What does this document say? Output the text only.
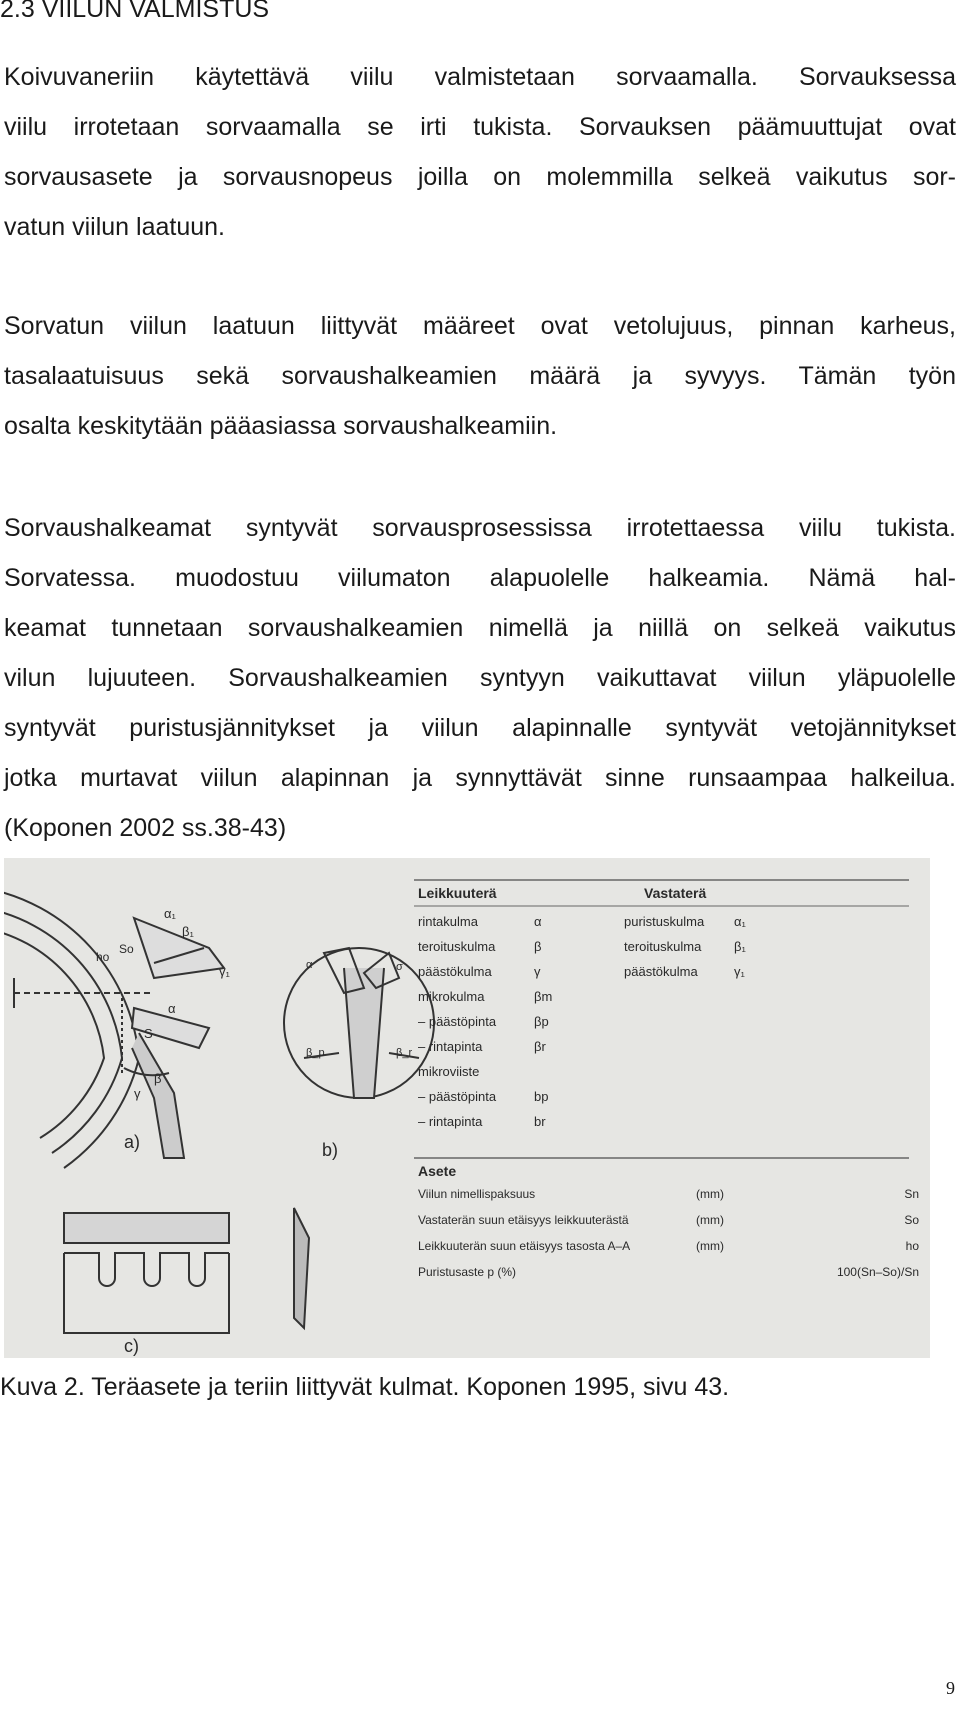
2.3 VIILUN VALMISTUS
Koivuvaneriin käytettävä viilu valmistetaan sorvaamalla. Sorvauksessa
viilu irrotetaan sorvaamalla se irti tukista. Sorvauksen päämuuttujat ovat
sorvausasete ja sorvausnopeus joilla on molemmilla selkeä vaikutus sor-
vatun viilun laatuun.
Sorvatun viilun laatuun liittyvät määreet ovat vetolujuus, pinnan karheus,
tasalaatuisuus sekä sorvaushalkeamien määrä ja syvyys. Tämän työn
osalta keskitytään pääasiassa sorvaushalkeamiin.
Sorvaushalkeamat syntyvät sorvausprosessissa irrotettaessa viilu tukista.
Sorvatessa. muodostuu viilumaton alapuolelle halkeamia. Nämä hal-
keamat tunnetaan sorvaushalkeamien nimellä ja niillä on selkeä vaikutus
vilun lujuuteen. Sorvaushalkeamien syntyyn vaikuttavat viilun yläpuolelle
syntyvät puristusjännitykset ja viilun alapinnalle syntyvät vetojännitykset
jotka murtavat viilun alapinnan ja synnyttävät sinne runsaampaa halkeilua.
(Koponen 2002 ss.38-43)
α₁
β₁
γ₁
So
ho
α
S
β
γ
a)
α	σ
β_p	β_r
b)
c)
Leikkuuterä	Vastaterä
rintakulma	α	puristuskulma α₁
teroituskulma	β	teroituskulma	β₁
päästökulma	γ	päästökulma	γ₁
mikrokulma	βm
– päästöpinta	βp
– rintapinta	βr
mikroviiste
– päästöpinta	bp
– rintapinta	br
Asete
Viilun nimellispaksuus	(mm)	Sn
Vastaterän suun etäisyys leikkuuterästä	(mm)	So
Leikkuuterän suun etäisyys tasosta A–A	(mm)	ho
Puristusaste p (%)	100(Sn–So)/Sn
Kuva 2. Teräasete ja teriin liittyvät kulmat. Koponen 1995, sivu 43.
9
